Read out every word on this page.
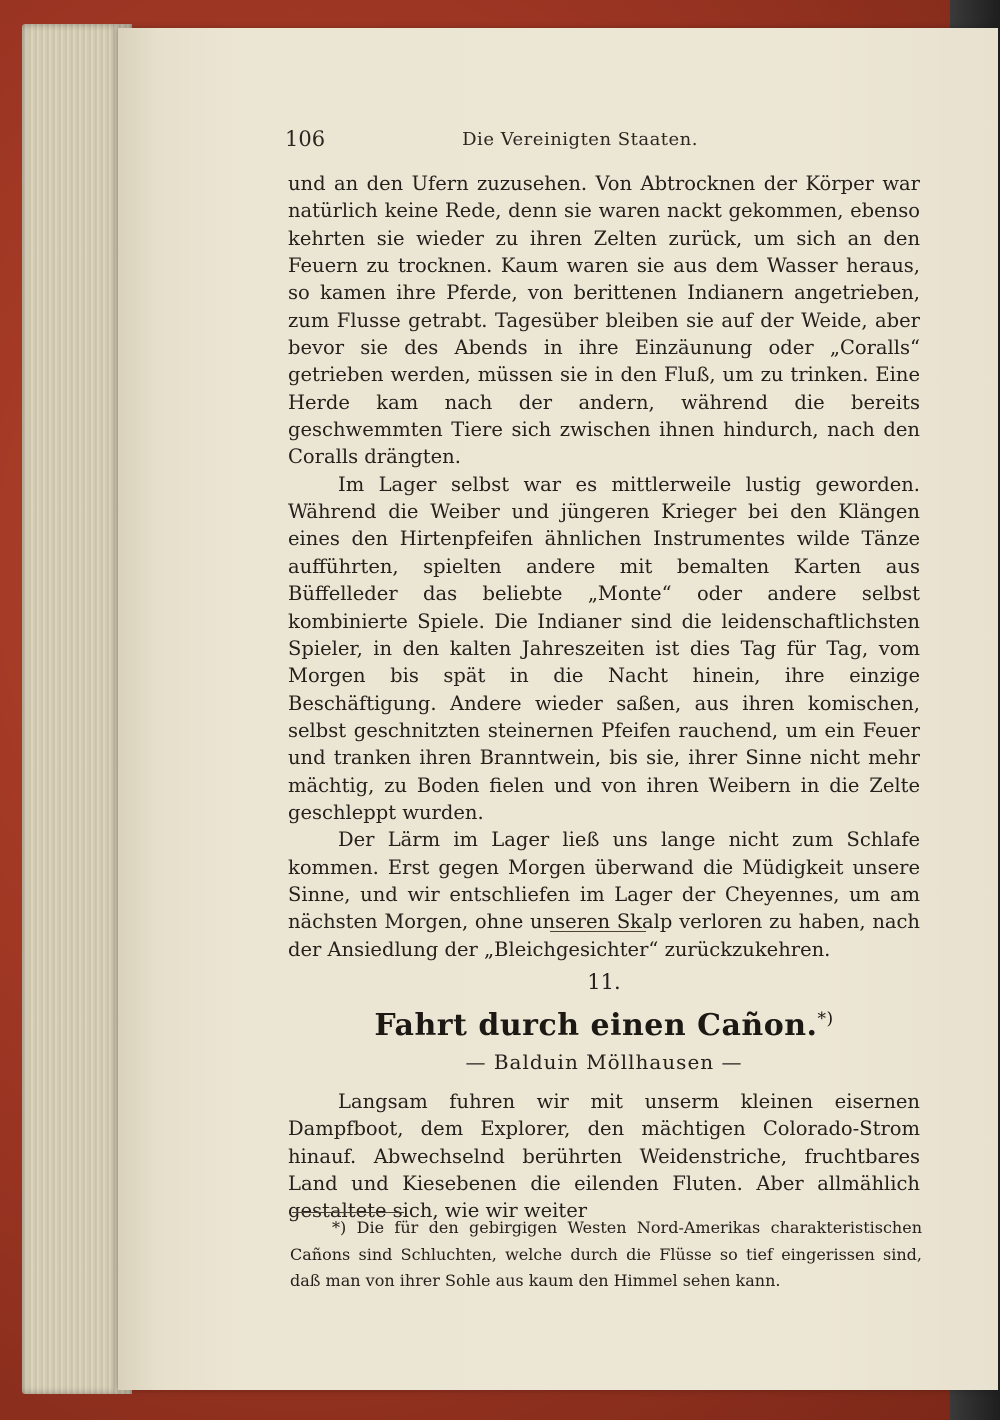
106	Die Vereinigten Staaten.

und an den Ufern zuzusehen. Von Abtrocknen der Körper war natürlich keine Rede, denn sie waren nackt gekommen, ebenso kehrten sie wieder zu ihren Zelten zurück, um sich an den Feuern zu trocknen. Kaum waren sie aus dem Wasser heraus, so kamen ihre Pferde, von berittenen Indianern angetrieben, zum Flusse getrabt. Tagesüber bleiben sie auf der Weide, aber bevor sie des Abends in ihre Einzäunung oder „Coralls“ getrieben werden, müssen sie in den Fluß, um zu trinken. Eine Herde kam nach der andern, während die bereits geschwemmten Tiere sich zwischen ihnen hindurch, nach den Coralls drängten.

Im Lager selbst war es mittlerweile lustig geworden. Während die Weiber und jüngeren Krieger bei den Klängen eines den Hirtenpfeifen ähnlichen Instrumentes wilde Tänze aufführten, spielten andere mit bemalten Karten aus Büffelleder das beliebte „Monte“ oder andere selbst kombinierte Spiele. Die Indianer sind die leidenschaftlichsten Spieler, in den kalten Jahreszeiten ist dies Tag für Tag, vom Morgen bis spät in die Nacht hinein, ihre einzige Beschäftigung. Andere wieder saßen, aus ihren komischen, selbst geschnitzten steinernen Pfeifen rauchend, um ein Feuer und tranken ihren Branntwein, bis sie, ihrer Sinne nicht mehr mächtig, zu Boden fielen und von ihren Weibern in die Zelte geschleppt wurden.

Der Lärm im Lager ließ uns lange nicht zum Schlafe kommen. Erst gegen Morgen überwand die Müdigkeit unsere Sinne, und wir entschliefen im Lager der Cheyennes, um am nächsten Morgen, ohne unseren Skalp verloren zu haben, nach der Ansiedlung der „Bleichgesichter“ zurückzukehren.

11.
Fahrt durch einen Cañon.*)
— Balduin Möllhausen —

Langsam fuhren wir mit unserm kleinen eisernen Dampfboot, dem Explorer, den mächtigen Colorado-Strom hinauf. Abwechselnd berührten Weidenstriche, fruchtbares Land und Kiesebenen die eilenden Fluten. Aber allmählich gestaltete sich, wie wir weiter

*) Die für den gebirgigen Westen Nord-Amerikas charakteristischen Cañons sind Schluchten, welche durch die Flüsse so tief eingerissen sind, daß man von ihrer Sohle aus kaum den Himmel sehen kann.
